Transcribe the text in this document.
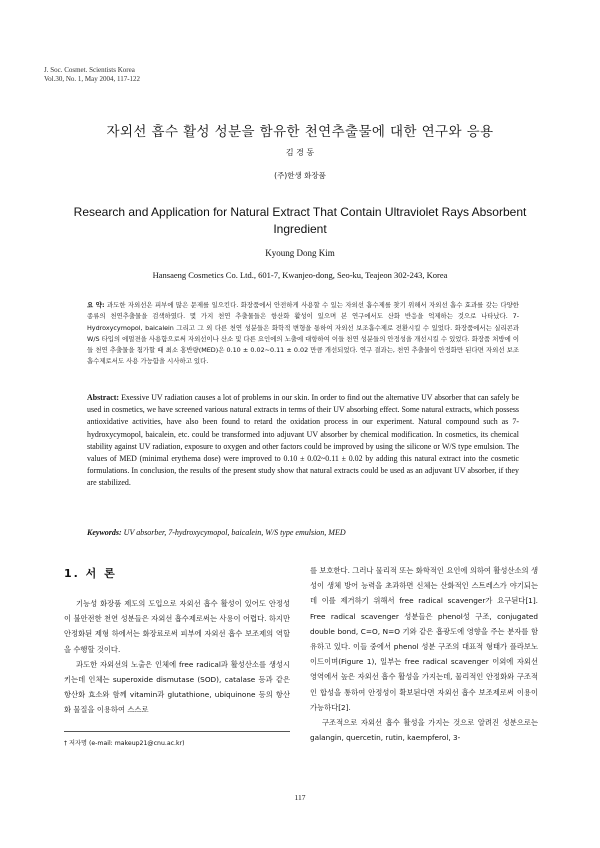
J. Soc. Cosmet. Scientists Korea
Vol.30, No. 1, May 2004, 117-122
자외선 흡수 활성 성분을 함유한 천연추출물에 대한 연구와 응용
김 경 동
(주)한생 화장품
Research and Application for Natural Extract That Contain Ultraviolet Rays Absorbent Ingredient
Kyoung Dong Kim
Hansaeng Cosmetics Co. Ltd., 601-7, Kwanjeo-dong, Seo-ku, Teajeon 302-243, Korea
요 약: 과도한 자외선은 피부에 많은 문제를 일으킨다. 화장품에서 안전하게 사용할 수 있는 자외선 흡수제를 찾기 위해서 자외선 흡수 효과를 갖는 다양한 종류의 천연추출물을 검색하였다. 몇 가지 천연 추출물들은 항산화 활성이 있으며 본 연구에서도 산화 반응을 억제하는 것으로 나타났다. 7-Hydroxycymopol, baicalein 그리고 그 외 다른 천연 성분들은 화학적 변형을 통하여 자외선 보조흡수제로 전환시킬 수 있었다. 화장품에서는 실리콘과 W/S 타입의 에멀젼을 사용함으로써 자외선이나 산소 및 다른 요인에의 노출에 대항하여 이들 천연 성분들의 안정성을 개선시킬 수 있었다. 화장품 처방에 이들 천연 추출물을 첨가할 때 최소 홍반량(MED)은 0.10 ± 0.02~0.11 ± 0.02 만큼 개선되었다. 연구 결과는, 천연 추출물이 안정화만 된다면 자외선 보조 흡수제로서도 사용 가능함을 시사하고 있다.
Abstract: Exessive UV radiation causes a lot of problems in our skin. In order to find out the alternative UV absorber that can safely be used in cosmetics, we have screened various natural extracts in terms of their UV absorbing effect. Some natural extracts, which possess antioxidative activities, have also been found to retard the oxidation process in our experiment. Natural compound such as 7-hydroxycymopol, baicalein, etc. could be transformed into adjuvant UV absorber by chemical modification. In cosmetics, its chemical stability against UV radiation, exposure to oxygen and other factors could be improved by using the silicone or W/S type emulsion. The values of MED (minimal erythema dose) were improved to 0.10 ± 0.02~0.11 ± 0.02 by adding this natural extract into the cosmetic formulations. In conclusion, the results of the present study show that natural extracts could be used as an adjuvant UV absorber, if they are stabilized.
Keywords: UV absorber, 7-hydroxycymopol, baicalein, W/S type emulsion, MED
1. 서 론

기능성 화장품 제도의 도입으로 자외선 흡수 활성이 있어도 안정성이 불안전한 천연 성분들은 자외선 흡수제로써는 사용이 어렵다. 하지만 안정화된 제형 하에서는 화장료로써 피부에 자외선 흡수 보조제의 역할을 수행할 것이다.

과도한 자외선의 노출은 인체에 free radical과 활성산소를 생성시키는데 인체는 superoxide dismutase (SOD), catalase 등과 같은 항산화 효소와 함께 vitamin과 glutathione, ubiquinone 등의 항산화 물질을 이용하여 스스로

를 보호한다. 그러나 물리적 또는 화학적인 요인에 의하여 활성산소의 생성이 생체 방어 능력을 초과하면 신체는 산화적인 스트레스가 야기되는데 이를 제거하기 위해서 free radical scavenger가 요구된다[1]. Free radical scavenger 성분들은 phenol성 구조, conjugated double bond, C=O, N=O 기와 같은 흡광도에 영향을 주는 분자를 함유하고 있다. 이들 중에서 phenol 성분 구조의 대표적 형태가 플라보노이드이며(Figure 1), 일부는 free radical scavenger 이외에 자외선 영역에서 높은 자외선 흡수 활성을 가지는데, 물리적인 안정화와 구조적인 합성을 통하여 안정성이 확보된다면 자외선 흡수 보조제로써 이용이 가능하다[2].

구조적으로 자외선 흡수 활성을 가지는 것으로 알려진 성분으로는 galangin, quercetin, rutin, kaempferol, 3-

† 저자명 (e-mail: makeup21@cnu.ac.kr)
117
